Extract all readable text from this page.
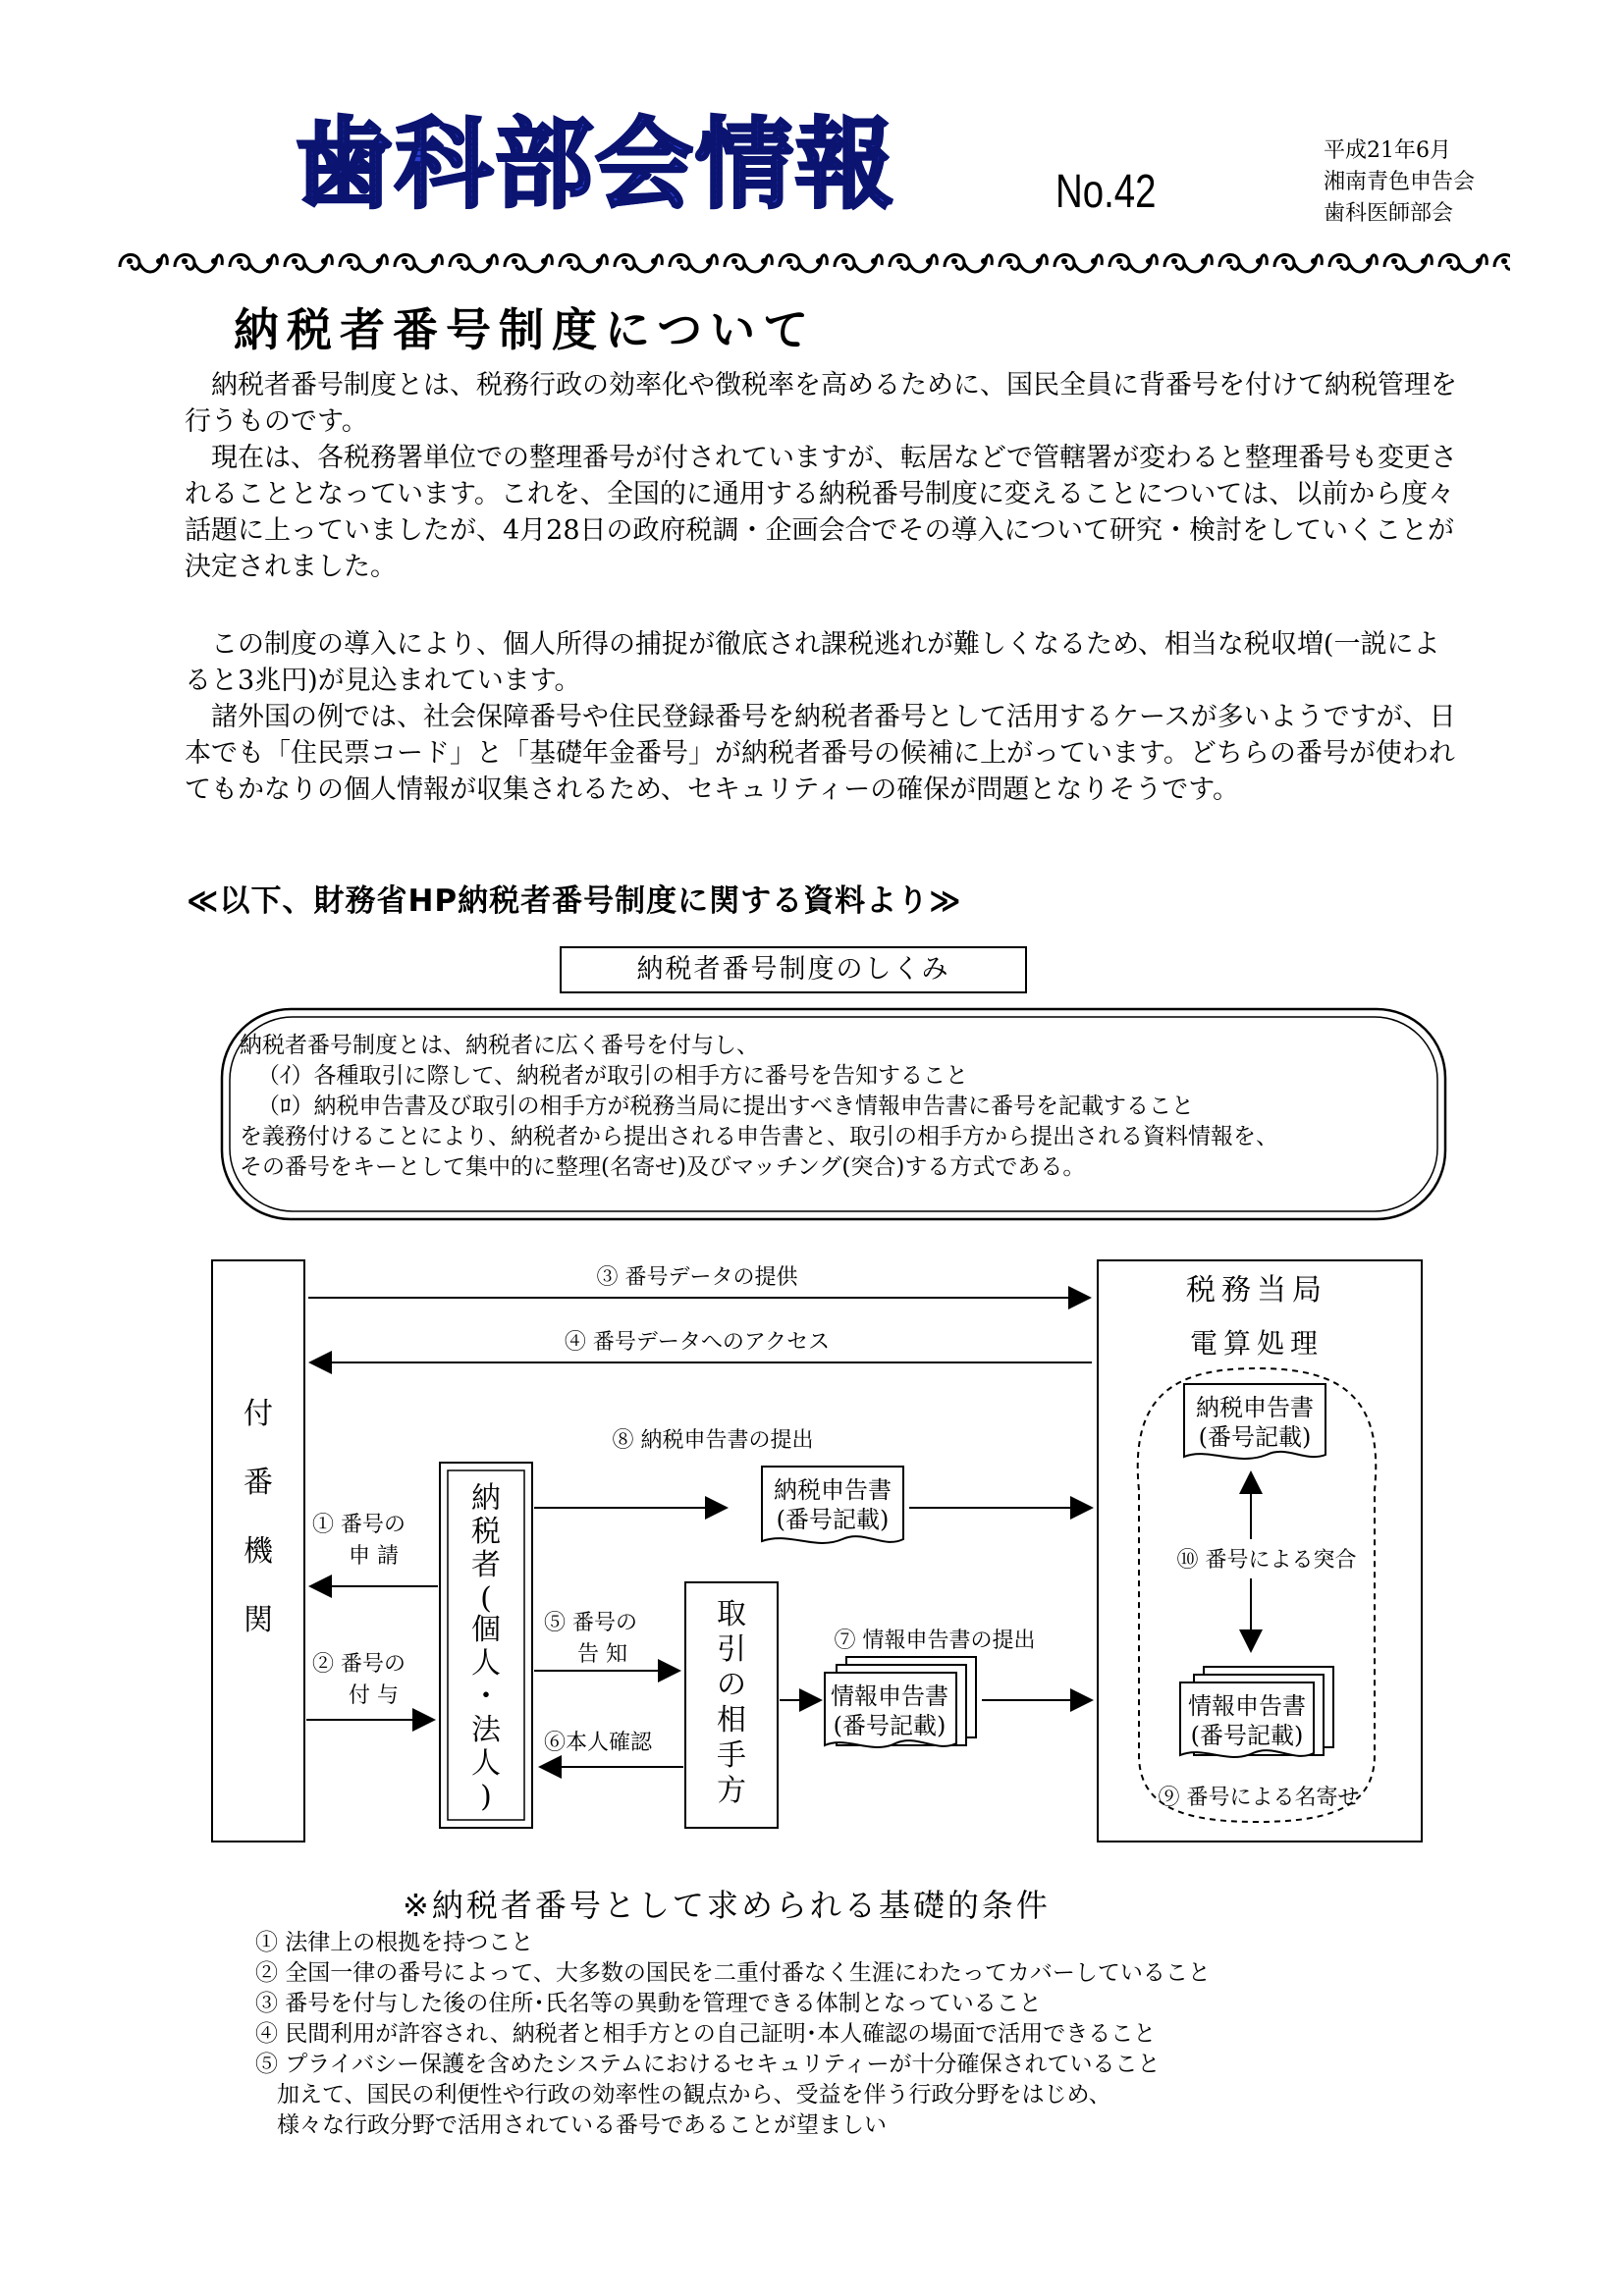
歯科部会情報	No.42
平成21年6月
湘南青色申告会
歯科医師部会
納税者番号制度について

納税者番号制度とは、税務行政の効率化や徴税率を高めるために、国民全員に背番号を付けて納税管理を行うものです。

現在は、各税務署単位での整理番号が付されていますが、転居などで管轄署が変わると整理番号も変更されることとなっています。これを、全国的に通用する納税番号制度に変えることについては、以前から度々話題に上っていましたが、4月28日の政府税調・企画会合でその導入について研究・検討をしていくことが決定されました。

この制度の導入により、個人所得の捕捉が徹底され課税逃れが難しくなるため、相当な税収増(一説によると3兆円)が見込まれています。

諸外国の例では、社会保障番号や住民登録番号を納税者番号として活用するケースが多いようですが、日本でも「住民票コード」と「基礎年金番号」が納税者番号の候補に上がっています。どちらの番号が使われてもかなりの個人情報が収集されるため、セキュリティーの確保が問題となりそうです。

≪以下、財務省HP納税者番号制度に関する資料より≫
納税者番号制度のしくみ
納税者番号制度とは、納税者に広く番号を付与し、
（ｲ）各種取引に際して、納税者が取引の相手方に番号を告知すること
（ﾛ）納税申告書及び取引の相手方が税務当局に提出すべき情報申告書に番号を記載すること
を義務付けることにより、納税者から提出される申告書と、取引の相手方から提出される資料情報を、
その番号をキーとして集中的に整理(名寄せ)及びマッチング(突合)する方式である。
付
番
機
関
税務当局
電算処理
納税申告書
(番号記載)
⑩ 番号による突合
情報申告書
(番号記載)
⑨ 番号による名寄せ
③ 番号データの提供
④ 番号データへのアクセス
納
税
者
(
個
人
・
法
人
)
① 番号の
申 請
② 番号の
付 与
⑧ 納税申告書の提出
納税申告書
(番号記載)
取
引
の
相
手
方
⑤ 番号の
告 知
⑥本人確認
⑦ 情報申告書の提出
情報申告書
(番号記載)
※納税者番号として求められる基礎的条件
① 法律上の根拠を持つこと
② 全国一律の番号によって、大多数の国民を二重付番なく生涯にわたってカバーしていること
③ 番号を付与した後の住所･氏名等の異動を管理できる体制となっていること
④ 民間利用が許容され、納税者と相手方との自己証明･本人確認の場面で活用できること
⑤ プライバシー保護を含めたシステムにおけるセキュリティーが十分確保されていること
加えて、国民の利便性や行政の効率性の観点から、受益を伴う行政分野をはじめ、
様々な行政分野で活用されている番号であることが望ましい
